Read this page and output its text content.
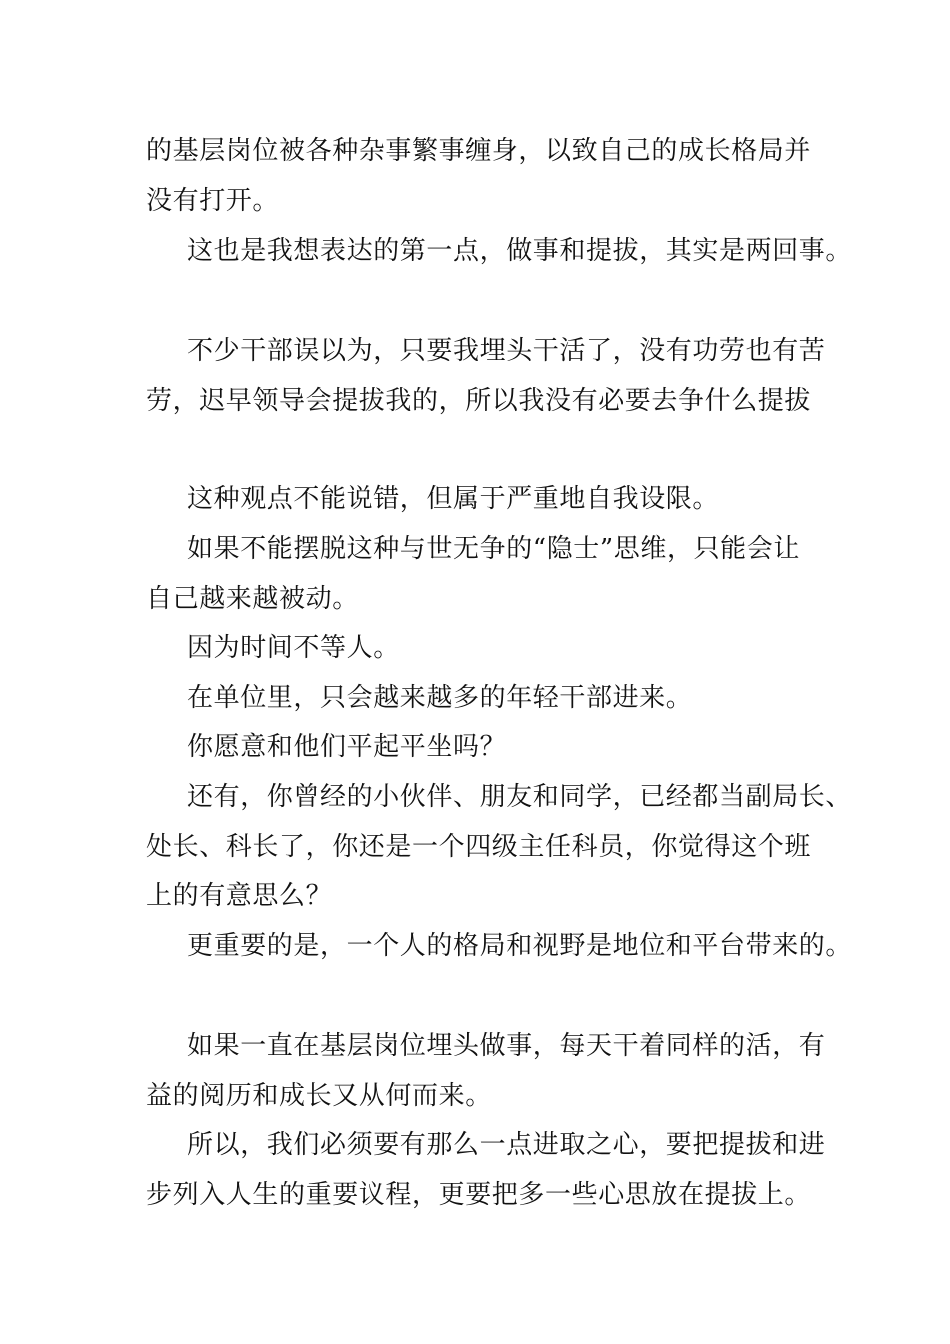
的基层岗位被各种杂事繁事缠身，以致自己的成长格局并
没有打开。
这也是我想表达的第一点，做事和提拔，其实是两回事。
不少干部误以为，只要我埋头干活了，没有功劳也有苦
劳，迟早领导会提拔我的，所以我没有必要去争什么提拔
这种观点不能说错，但属于严重地自我设限。
如果不能摆脱这种与世无争的“隐士”思维，只能会让
自己越来越被动。
因为时间不等人。
在单位里，只会越来越多的年轻干部进来。
你愿意和他们平起平坐吗？
还有，你曾经的小伙伴、朋友和同学，已经都当副局长、
处长、科长了，你还是一个四级主任科员，你觉得这个班
上的有意思么？
更重要的是，一个人的格局和视野是地位和平台带来的。
如果一直在基层岗位埋头做事，每天干着同样的活，有
益的阅历和成长又从何而来。
所以，我们必须要有那么一点进取之心，要把提拔和进
步列入人生的重要议程，更要把多一些心思放在提拔上。
